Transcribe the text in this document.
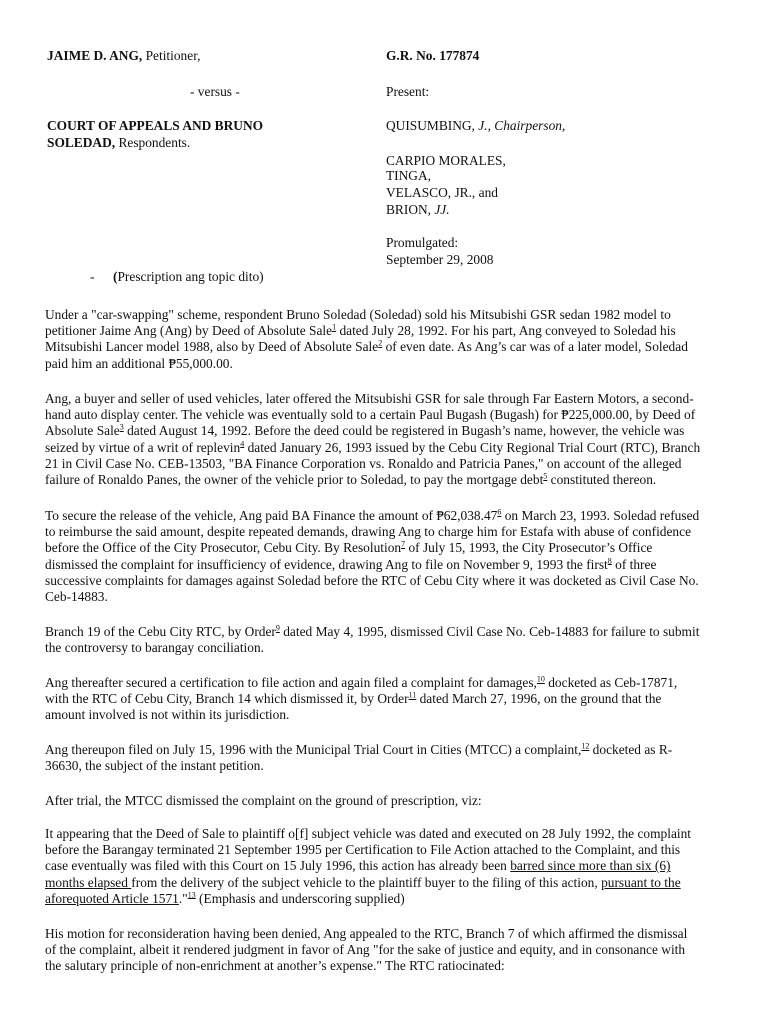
JAIME D. ANG, Petitioner,	G.R. No. 177874
- versus -	Present:
COURT OF APPEALS AND BRUNO
SOLEDAD, Respondents.
QUISUMBING, J., Chairperson,
CARPIO MORALES,
TINGA,
VELASCO, JR., and
BRION, JJ.
Promulgated:
September 29, 2008
- (Prescription ang topic dito)
Under a "car-swapping" scheme, respondent Bruno Soledad (Soledad) sold his Mitsubishi GSR sedan 1982 model to
petitioner Jaime Ang (Ang) by Deed of Absolute Sale$^1$ dated July 28, 1992. For his part, Ang conveyed to Soledad his
Mitsubishi Lancer model 1988, also by Deed of Absolute Sale$^2$ of even date. As Ang’s car was of a later model, Soledad
paid him an additional ₱55,000.00.
Ang, a buyer and seller of used vehicles, later offered the Mitsubishi GSR for sale through Far Eastern Motors, a second-
hand auto display center. The vehicle was eventually sold to a certain Paul Bugash (Bugash) for ₱225,000.00, by Deed of
Absolute Sale$^3$ dated August 14, 1992. Before the deed could be registered in Bugash’s name, however, the vehicle was
seized by virtue of a writ of replevin$^4$ dated January 26, 1993 issued by the Cebu City Regional Trial Court (RTC), Branch
21 in Civil Case No. CEB-13503, "BA Finance Corporation vs. Ronaldo and Patricia Panes," on account of the alleged
failure of Ronaldo Panes, the owner of the vehicle prior to Soledad, to pay the mortgage debt$^5$ constituted thereon.
To secure the release of the vehicle, Ang paid BA Finance the amount of ₱62,038.47$^6$ on March 23, 1993. Soledad refused
to reimburse the said amount, despite repeated demands, drawing Ang to charge him for Estafa with abuse of confidence
before the Office of the City Prosecutor, Cebu City. By Resolution$^7$ of July 15, 1993, the City Prosecutor’s Office
dismissed the complaint for insufficiency of evidence, drawing Ang to file on November 9, 1993 the first$^8$ of three
successive complaints for damages against Soledad before the RTC of Cebu City where it was docketed as Civil Case No.
Ceb-14883.
Branch 19 of the Cebu City RTC, by Order$^9$ dated May 4, 1995, dismissed Civil Case No. Ceb-14883 for failure to submit
the controversy to barangay conciliation.
Ang thereafter secured a certification to file action and again filed a complaint for damages,$^{10}$ docketed as Ceb-17871,
with the RTC of Cebu City, Branch 14 which dismissed it, by Order$^{11}$ dated March 27, 1996, on the ground that the
amount involved is not within its jurisdiction.
Ang thereupon filed on July 15, 1996 with the Municipal Trial Court in Cities (MTCC) a complaint,$^{12}$ docketed as R-
36630, the subject of the instant petition.
After trial, the MTCC dismissed the complaint on the ground of prescription, viz:
It appearing that the Deed of Sale to plaintiff o[f] subject vehicle was dated and executed on 28 July 1992, the complaint
before the Barangay terminated 21 September 1995 per Certification to File Action attached to the Complaint, and this
case eventually was filed with this Court on 15 July 1996, this action has already been barred since more than six (6)
months elapsed from the delivery of the subject vehicle to the plaintiff buyer to the filing of this action, pursuant to the
aforequoted Article 1571."$^{13}$ (Emphasis and underscoring supplied)
His motion for reconsideration having been denied, Ang appealed to the RTC, Branch 7 of which affirmed the dismissal
of the complaint, albeit it rendered judgment in favor of Ang "for the sake of justice and equity, and in consonance with
the salutary principle of non-enrichment at another’s expense." The RTC ratiocinated:
